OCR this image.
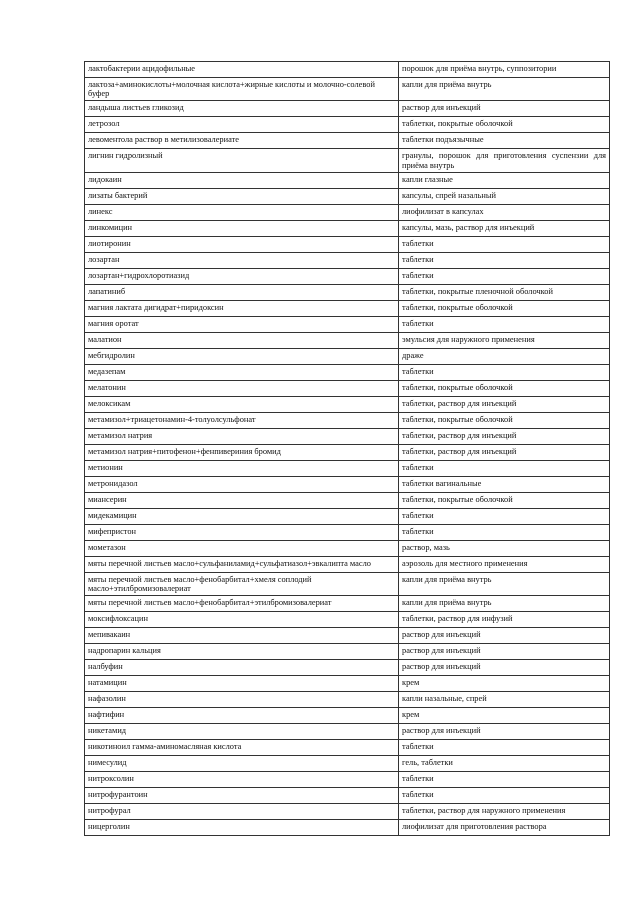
лактобактерии ацидофильные	порошок для приёма внутрь, суппозитории
лактоза+аминокислоты+молочная кислота+жирные кислоты и молочно-солевой буфер	капли для приёма внутрь
ландыша листьев гликозид	раствор для инъекций
летрозол	таблетки, покрытые оболочкой
левоментола раствор в метилизовалериате	таблетки подъязычные
лигнин гидролизный	гранулы, порошок для приготовления суспензии для приёма внутрь
лидокаин	капли глазные
лизаты бактерий	капсулы, спрей назальный
линекс	лиофилизат в капсулах
линкомицин	капсулы, мазь, раствор для инъекций
лиотиронин	таблетки
лозартан	таблетки
лозартан+гидрохлоротиазид	таблетки
лапатиниб	таблетки, покрытые пленочной оболочкой
магния лактата дигидрат+пиридоксин	таблетки, покрытые оболочкой
магния оротат	таблетки
малатион	эмульсия для наружного применения
мебгидролин	драже
медазепам	таблетки
мелатонин	таблетки, покрытые оболочкой
мелоксикам	таблетки, раствор для инъекций
метамизол+триацетонамин-4-толуолсульфонат	таблетки, покрытые оболочкой
метамизол натрия	таблетки, раствор для инъекций
метамизол натрия+питофенон+фенпивериния бромид	таблетки, раствор для инъекций
метионин	таблетки
метронидазол	таблетки вагинальные
миансерин	таблетки, покрытые оболочкой
мидекамицин	таблетки
мифепристон	таблетки
мометазон	раствор, мазь
мяты перечной листьев масло+сульфаниламид+сульфатиазол+эвкалипта масло	аэрозоль для местного применения
мяты перечной листьев масло+фенобарбитал+хмеля соплодий масло+этилбромизовалериат	капли для приёма внутрь
мяты перечной листьев масло+фенобарбитал+этилбромизовалериат	капли для приёма внутрь
моксифлоксацин	таблетки, раствор для инфузий
мепивакаин	раствор для инъекций
надропарин кальция	раствор для инъекций
налбуфин	раствор для инъекций
натамицин	крем
нафазолин	капли назальные, спрей
нафтифин	крем
никетамид	раствор для инъекций
никотиноил гамма-аминомасляная кислота	таблетки
нимесулид	гель, таблетки
нитроксолин	таблетки
нитрофурантоин	таблетки
нитрофурал	таблетки, раствор для наружного применения
ницерголин	лиофилизат для приготовления раствора
